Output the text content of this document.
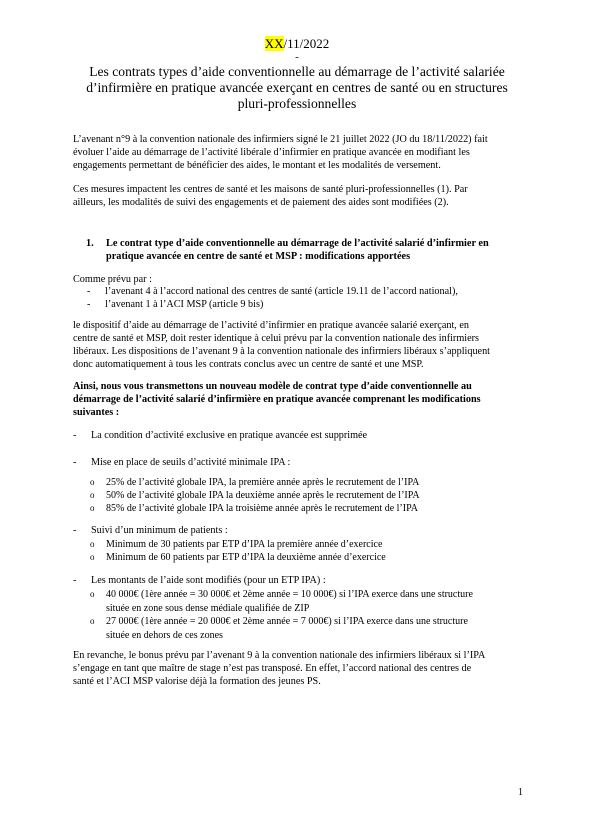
XX/11/2022
-
Les contrats types d’aide conventionnelle au démarrage de l’activité salariée
d’infirmière en pratique avancée exerçant en centres de santé ou en structures
pluri-professionnelles
L’avenant n°9 à la convention nationale des infirmiers signé le 21 juillet 2022 (JO du 18/11/2022) fait
évoluer l’aide au démarrage de l’activité libérale d’infirmier en pratique avancée en modifiant les
engagements permettant de bénéficier des aides, le montant et les modalités de versement.
Ces mesures impactent les centres de santé et les maisons de santé pluri-professionnelles (1). Par
ailleurs, les modalités de suivi des engagements et de paiement des aides sont modifiées (2).
1. Le contrat type d’aide conventionnelle au démarrage de l’activité salarié d’infirmier en
pratique avancée en centre de santé et MSP : modifications apportées
Comme prévu par :
- l’avenant 4 à l’accord national des centres de santé (article 19.11 de l’accord national),
- l’avenant 1 à l’ACI MSP (article 9 bis)
le dispositif d’aide au démarrage de l’activité d’infirmier en pratique avancée salarié exerçant, en
centre de santé et MSP, doit rester identique à celui prévu par la convention nationale des infirmiers
libéraux. Les dispositions de l’avenant 9 à la convention nationale des infirmiers libéraux s’appliquent
donc automatiquement à tous les contrats conclus avec un centre de santé et une MSP.
Ainsi, nous vous transmettons un nouveau modèle de contrat type d’aide conventionnelle au
démarrage de l’activité salarié d’infirmière en pratique avancée comprenant les modifications
suivantes :
- La condition d’activité exclusive en pratique avancée est supprimée
- Mise en place de seuils d’activité minimale IPA :
o 25% de l’activité globale IPA, la première année après le recrutement de l’IPA
o 50% de l’activité globale IPA la deuxième année après le recrutement de l’IPA
o 85% de l’activité globale IPA la troisième année après le recrutement de l’IPA
- Suivi d’un minimum de patients :
o Minimum de 30 patients par ETP d’IPA la première année d’exercice
o Minimum de 60 patients par ETP d’IPA la deuxième année d’exercice
- Les montants de l’aide sont modifiés (pour un ETP IPA) :
o 40 000€ (1ère année = 30 000€ et 2ème année = 10 000€) si l’IPA exerce dans une structure
située en zone sous dense médiale qualifiée de ZIP
o 27 000€ (1ère année = 20 000€ et 2ème année = 7 000€) si l’IPA exerce dans une structure
située en dehors de ces zones
En revanche, le bonus prévu par l’avenant 9 à la convention nationale des infirmiers libéraux si l’IPA
s’engage en tant que maître de stage n’est pas transposé. En effet, l’accord national des centres de
santé et l’ACI MSP valorise déjà la formation des jeunes PS.
1
